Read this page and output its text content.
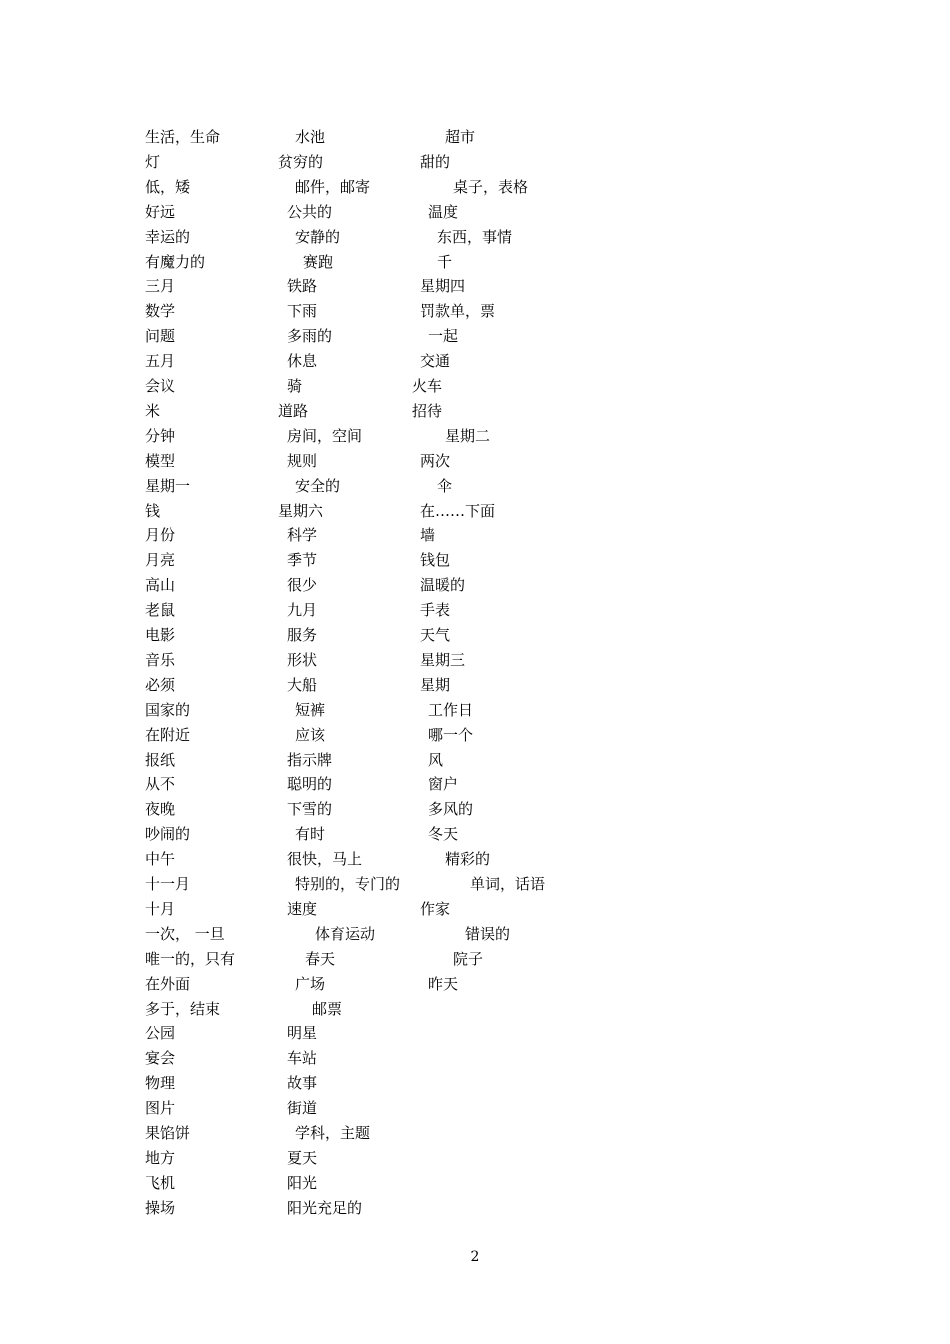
生活，生命	水池	超市
灯	贫穷的	甜的
低，矮	邮件，邮寄	桌子，表格
好远	公共的	温度
幸运的	安静的	东西，事情
有魔力的	赛跑	千
三月	铁路	星期四
数学	下雨	罚款单，票
问题	多雨的	一起
五月	休息	交通
会议	骑	火车
米	道路	招待
分钟	房间，空间	星期二
模型	规则	两次
星期一	安全的	伞
钱	星期六	在……下面
月份	科学	墙
月亮	季节	钱包
高山	很少	温暖的
老鼠	九月	手表
电影	服务	天气
音乐	形状	星期三
必须	大船	星期
国家的	短裤	工作日
在附近	应该	哪一个
报纸	指示牌	风
从不	聪明的	窗户
夜晚	下雪的	多风的
吵闹的	有时	冬天
中午	很快，马上	精彩的
十一月	特别的，专门的	单词，话语
十月	速度	作家
一次， 一旦	体育运动	错误的
唯一的，只有	春天	院子
在外面	广场	昨天
多于，结束	邮票
公园	明星
宴会	车站
物理	故事
图片	街道
果馅饼	学科，主题
地方	夏天
飞机	阳光
操场	阳光充足的
2
